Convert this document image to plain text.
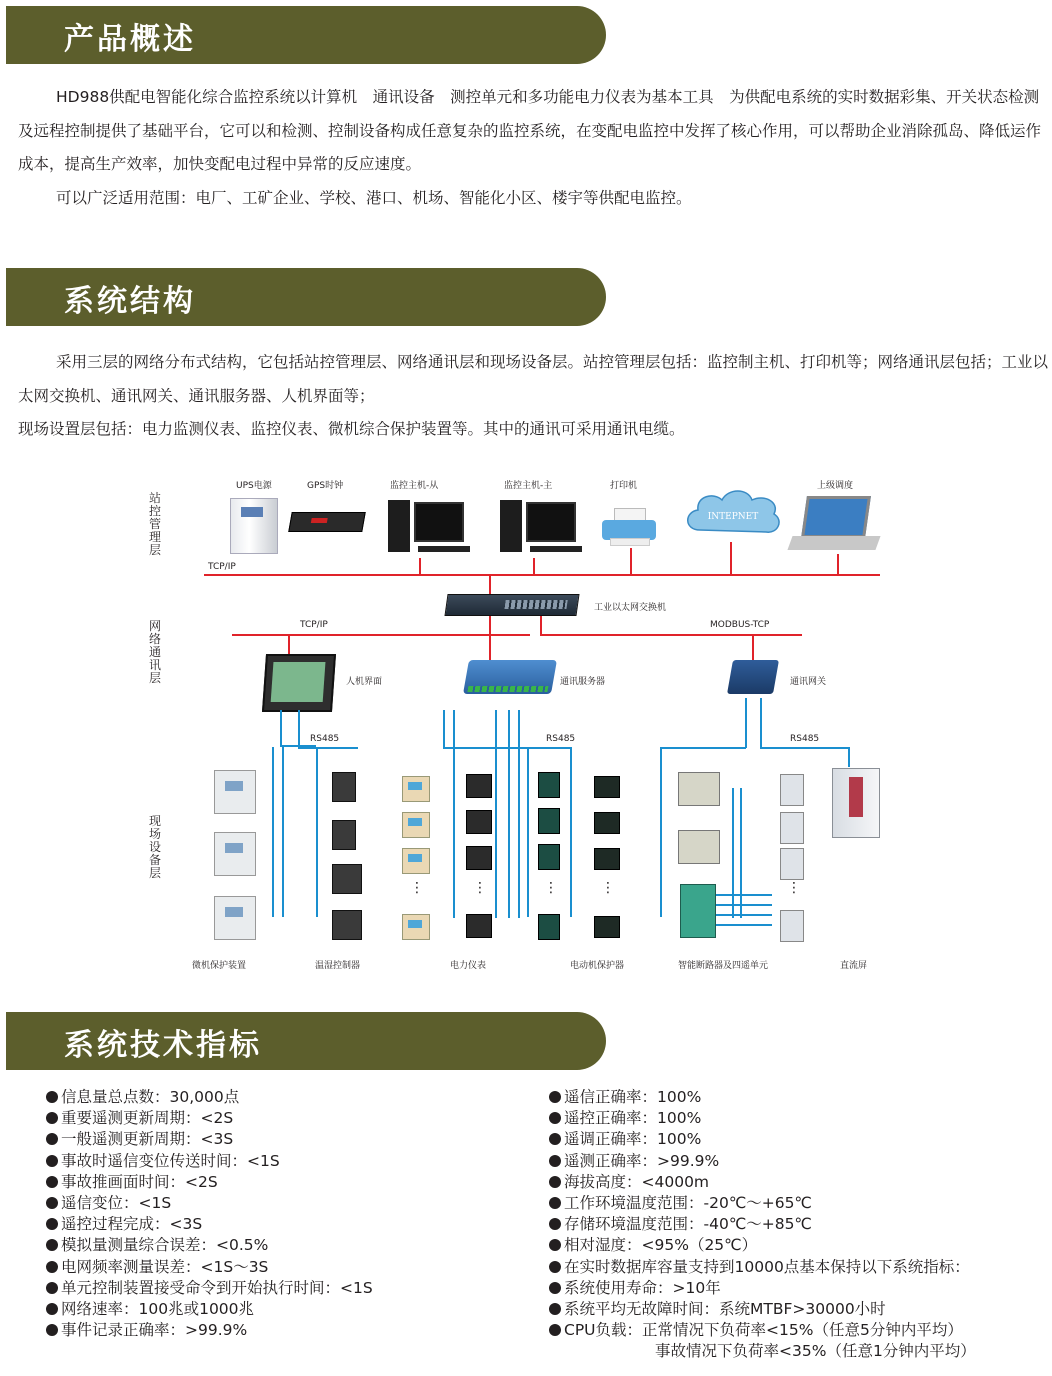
产品概述

HD988供配电智能化综合监控系统以计算机　通讯设备　测控单元和多功能电力仪表为基本工具　为供配电系统的实时数据彩集、开关状态检测及远程控制提供了基础平台，它可以和检测、控制设备构成任意复杂的监控系统，在变配电监控中发挥了核心作用，可以帮助企业消除孤岛、降低运作成本，提高生产效率，加快变配电过程中异常的反应速度。

可以广泛适用范围：电厂、工矿企业、学校、港口、机场、智能化小区、楼宇等供配电监控。

系统结构

采用三层的网络分布式结构，它包括站控管理层、网络通讯层和现场设备层。站控管理层包括：监控制主机、打印机等；网络通讯层包括；工业以太网交换机、通讯网关、通讯服务器、人机界面等；

现场设置层包括：电力监测仪表、监控仪表、微机综合保护装置等。其中的通讯可采用通讯电缆。

站控管理层
网络通讯层
现场设备层
UPS电源	GPS时钟	监控主机-从	监控主机-主	打印机	上级调度
INTEPNET
TCP/IP
工业以太网交换机
TCP/IP	MODBUS-TCP
人机界面	通讯服务器	通讯网关
RS485	RS485	RS485
⋮	⋮	⋮	⋮	⋮
微机保护装置	温湿控制器	电力仪表	电动机保护器	智能断路器及四遥单元	直流屏
系统技术指标
信息量总点数：30,000点
重要遥测更新周期：<2S
一般遥测更新周期：<3S
事故时遥信变位传送时间：<1S
事故推画面时间：<2S
遥信变位：<1S
遥控过程完成：<3S
模拟量测量综合误差：<0.5%
电网频率测量误差：<1S～3S
单元控制装置接受命令到开始执行时间：<1S
网络速率：100兆或1000兆
事件记录正确率：>99.9%
遥信正确率：100%
遥控正确率：100%
遥调正确率：100%
遥测正确率：>99.9%
海拔高度：<4000m
工作环境温度范围：-20℃～+65℃
存储环境温度范围：-40℃～+85℃
相对湿度：<95%（25℃）
在实时数据库容量支持到10000点基本保持以下系统指标：
系统使用寿命：>10年
系统平均无故障时间：系统MTBF>30000小时
CPU负载：正常情况下负荷率<15%（任意5分钟内平均）
事故情况下负荷率<35%（任意1分钟内平均）
